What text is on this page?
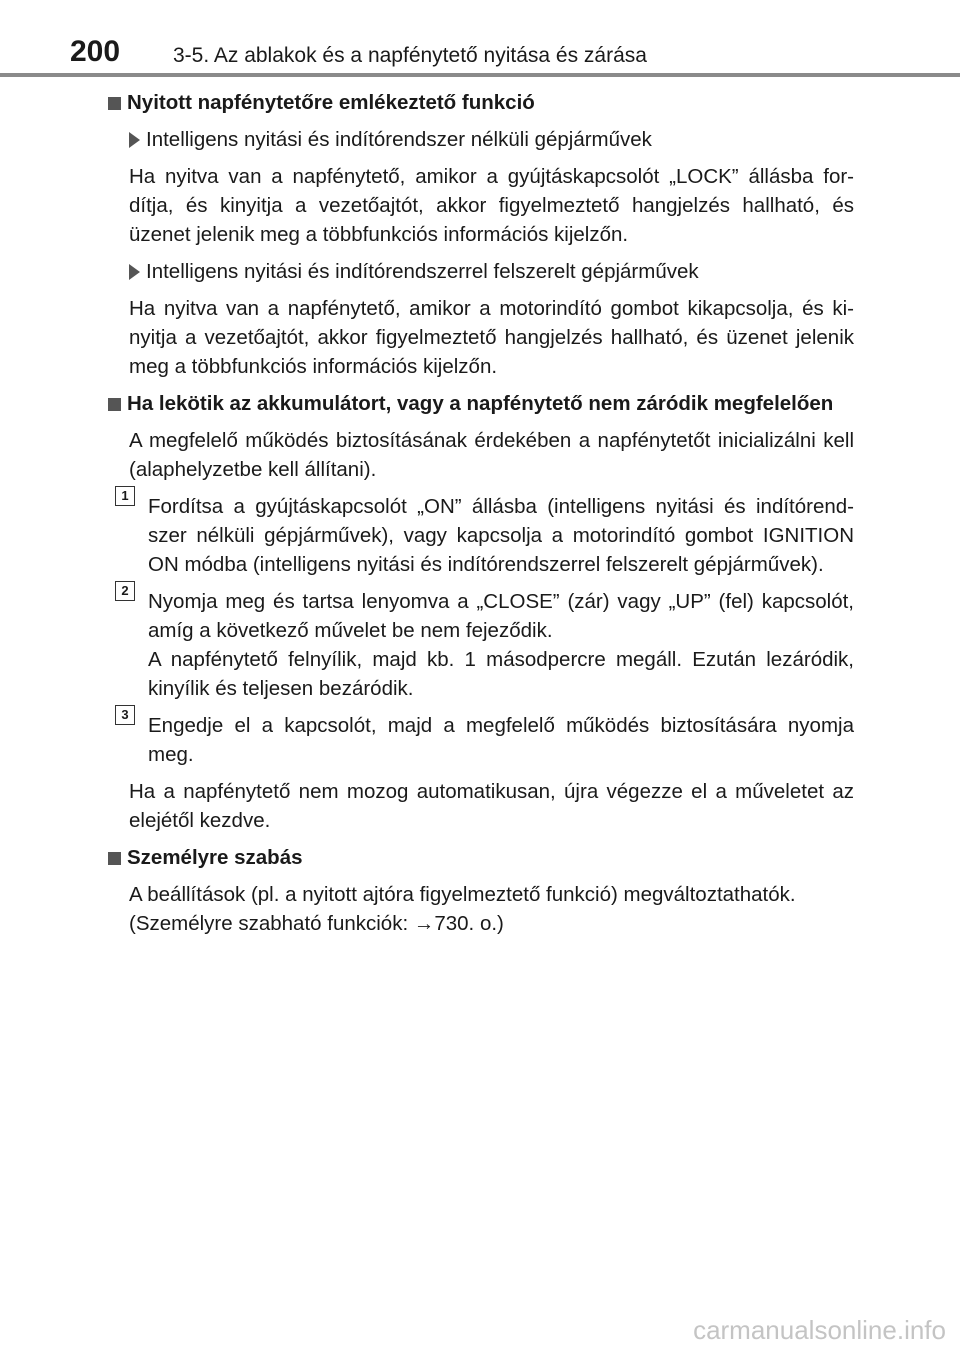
200	3-5. Az ablakok és a napfénytető nyitása és zárása
Nyitott napfénytetőre emlékeztető funkció
Intelligens nyitási és indítórendszer nélküli gépjárművek

Ha nyitva van a napfénytető, amikor a gyújtáskapcsolót „LOCK” állásba for-dítja, és kinyitja a vezetőajtót, akkor figyelmeztető hangjelzés hallható, és üzenet jelenik meg a többfunkciós információs kijelzőn.

Intelligens nyitási és indítórendszerrel felszerelt gépjárművek

Ha nyitva van a napfénytető, amikor a motorindító gombot kikapcsolja, és ki-nyitja a vezetőajtót, akkor figyelmeztető hangjelzés hallható, és üzenet jelenik meg a többfunkciós információs kijelzőn.

Ha lekötik az akkumulátort, vagy a napfénytető nem záródik megfelelően

A megfelelő működés biztosításának érdekében a napfénytetőt inicializálni kell (alaphelyzetbe kell állítani).

1 Fordítsa a gyújtáskapcsolót „ON” állásba (intelligens nyitási és indítórend-szer nélküli gépjárművek), vagy kapcsolja a motorindító gombot IGNITION ON módba (intelligens nyitási és indítórendszerrel felszerelt gépjárművek).
2 Nyomja meg és tartsa lenyomva a „CLOSE” (zár) vagy „UP” (fel) kapcsolót, amíg a következő művelet be nem fejeződik.
A napfénytető felnyílik, majd kb. 1 másodpercre megáll. Ezután lezáródik, kinyílik és teljesen bezáródik.
3 Engedje el a kapcsolót, majd a megfelelő működés biztosítására nyomja meg.

Ha a napfénytető nem mozog automatikusan, újra végezze el a műveletet az elejétől kezdve.

Személyre szabás

A beállítások (pl. a nyitott ajtóra figyelmeztető funkció) megváltoztathatók.
(Személyre szabható funkciók: →730. o.)

carmanualsonline.info
